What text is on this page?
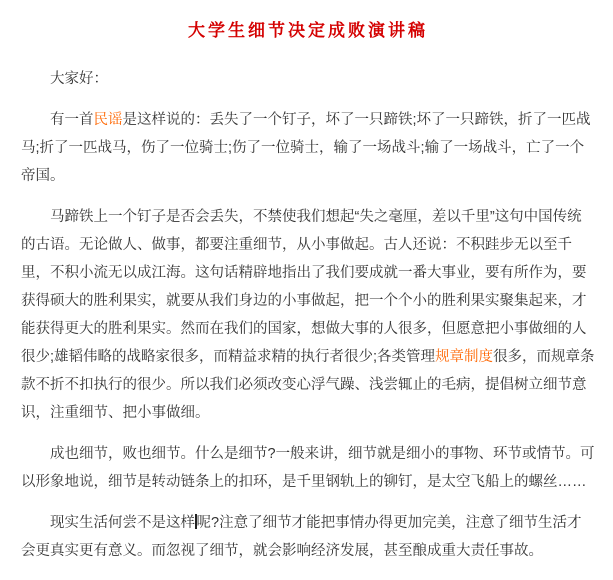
大学生细节决定成败演讲稿

大家好：

有一首民谣是这样说的：丢失了一个钉子，坏了一只蹄铁;坏了一只蹄铁，折了一匹战马;折了一匹战马，伤了一位骑士;伤了一位骑士，输了一场战斗;输了一场战斗，亡了一个帝国。

马蹄铁上一个钉子是否会丢失，不禁使我们想起“失之毫厘，差以千里”这句中国传统的古语。无论做人、做事，都要注重细节，从小事做起。古人还说：不积跬步无以至千里，不积小流无以成江海。这句话精辟地指出了我们要成就一番大事业，要有所作为，要获得硕大的胜利果实，就要从我们身边的小事做起，把一个个小的胜利果实聚集起来，才能获得更大的胜利果实。然而在我们的国家，想做大事的人很多，但愿意把小事做细的人很少;雄韬伟略的战略家很多，而精益求精的执行者很少;各类管理规章制度很多，而规章条款不折不扣执行的很少。所以我们必须改变心浮气躁、浅尝辄止的毛病，提倡树立细节意识，注重细节、把小事做细。

成也细节，败也细节。什么是细节?一般来讲，细节就是细小的事物、环节或情节。可以形象地说，细节是转动链条上的扣环，是千里钢轨上的铆钉，是太空飞船上的螺丝……

现实生活何尝不是这样 呢?注意了细节才能把事情办得更加完美，注意了细节生活才会更真实更有意义。而忽视了细节，就会影响经济发展，甚至酿成重大责任事故。
